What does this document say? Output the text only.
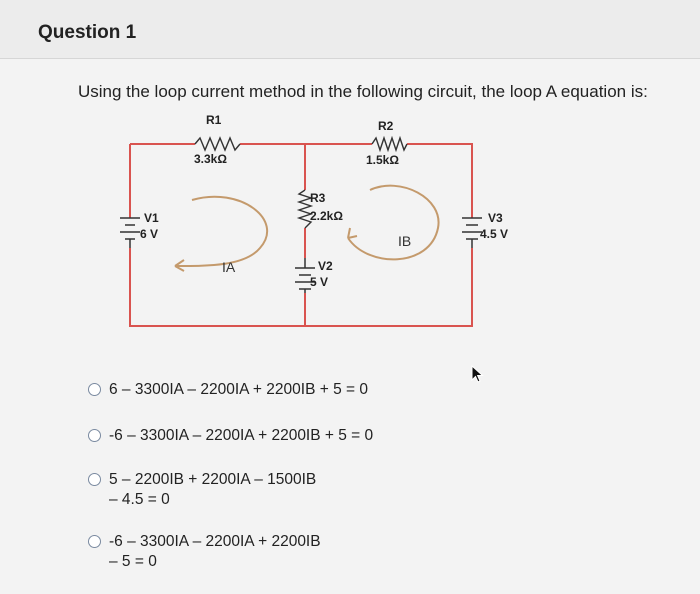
Question 1
Using the loop current method in the following circuit, the loop A equation is:
R1
3.3kΩ
R2
1.5kΩ
R3
2.2kΩ
V1
6 V
V2
5 V
V3
4.5 V
IA
IB
6 – 3300IA – 2200IA + 2200IB + 5 = 0
-6 – 3300IA – 2200IA + 2200IB + 5 = 0
5 – 2200IB + 2200IA – 1500IB
– 4.5 = 0
-6 – 3300IA – 2200IA + 2200IB
– 5 = 0
